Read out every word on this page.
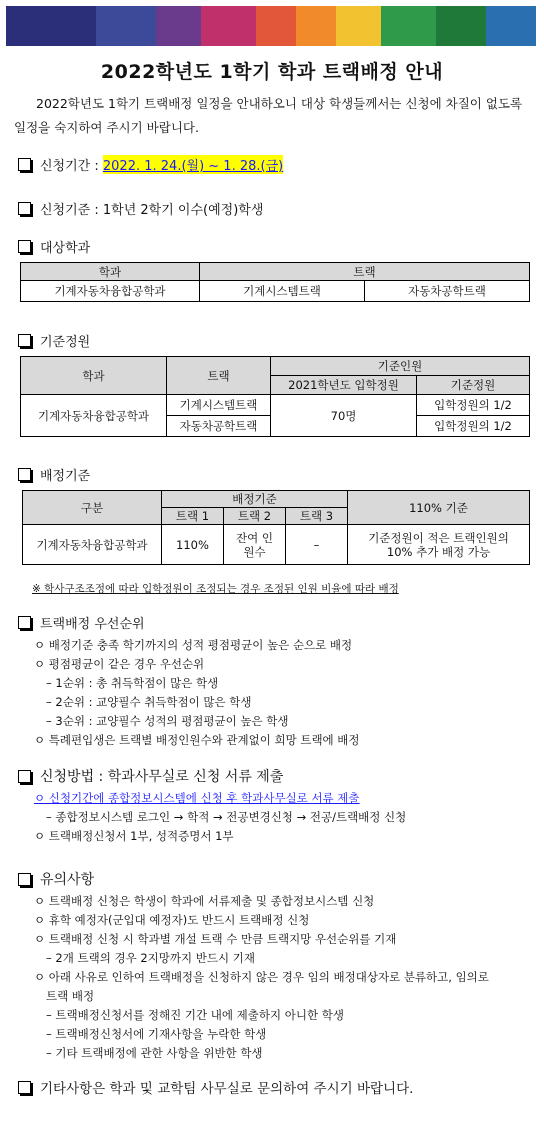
2022학년도 1학기 학과 트랙배정 안내
2022학년도 1학기 트랙배정 일정을 안내하오니 대상 학생들께서는 신청에 차질이 없도록 일정을 숙지하여 주시기 바랍니다.
신청기간 :
2022. 1. 24.(월) ~ 1. 28.(금)
신청기준 : 1학년 2학기 이수(예정)학생
대상학과
학과	트랙	
기계자동차융합공학과	기계시스템트랙	자동차공학트랙
기준정원
학과	트랙	기준인원	
		2021학년도 입학정원	기준정원
기계자동차융합공학과	기계시스템트랙	70명	입학정원의 1/2
	자동차공학트랙		입학정원의 1/2
배정기준
구분	배정기준			110% 기준
	트랙 1	트랙 2	트랙 3	
기계자동차융합공학과	110%	잔여 인원수	–	기준정원이 적은 트랙인원의 10% 추가 배정 가능
※ 학사구조조정에 따라 입학정원이 조정되는 경우 조정된 인원 비율에 따라 배정
트랙배정 우선순위
ㅇ 배정기준 충족 학기까지의 성적 평점평균이 높은 순으로 배정
ㅇ 평점평균이 같은 경우 우선순위
– 1순위 : 총 취득학점이 많은 학생
– 2순위 : 교양필수 취득학점이 많은 학생
– 3순위 : 교양필수 성적의 평점평균이 높은 학생
ㅇ 특례편입생은 트랙별 배정인원수와 관계없이 희망 트랙에 배정
신청방법 : 학과사무실로 신청 서류 제출
ㅇ 신청기간에 종합정보시스템에 신청 후 학과사무실로 서류 제출
– 종합정보시스템 로그인 → 학적 → 전공변경신청 → 전공/트랙배정 신청
ㅇ 트랙배정신청서 1부, 성적증명서 1부
유의사항
ㅇ 트랙배정 신청은 학생이 학과에 서류제출 및 종합정보시스템 신청
ㅇ 휴학 예정자(군입대 예정자)도 반드시 트랙배정 신청
ㅇ 트랙배정 신청 시 학과별 개설 트랙 수 만큼 트랙지망 우선순위를 기재
– 2개 트랙의 경우 2지망까지 반드시 기재
ㅇ 아래 사유로 인하여 트랙배정을 신청하지 않은 경우 임의 배정대상자로 분류하고, 임의로
트랙 배정
– 트랙배정신청서를 정해진 기간 내에 제출하지 아니한 학생
– 트랙배정신청서에 기재사항을 누락한 학생
– 기타 트랙배정에 관한 사항을 위반한 학생
기타사항은 학과 및 교학팀 사무실로 문의하여 주시기 바랍니다.
